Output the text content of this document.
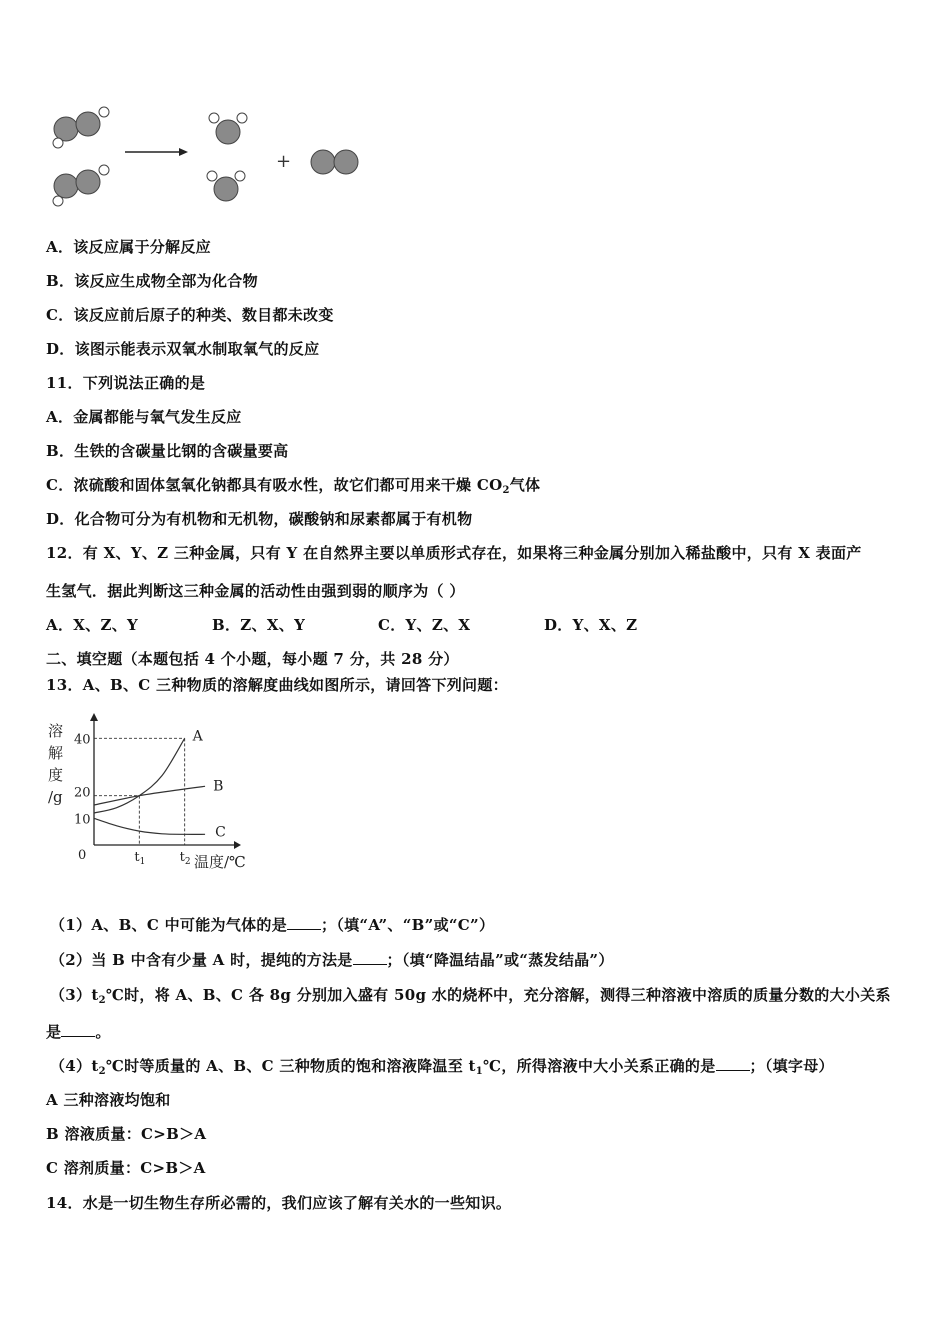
+
A．该反应属于分解反应
B．该反应生成物全部为化合物
C．该反应前后原子的种类、数目都未改变
D．该图示能表示双氧水制取氧气的反应
11．下列说法正确的是
A．金属都能与氧气发生反应
B．生铁的含碳量比钢的含碳量要高
C．浓硫酸和固体氢氧化钠都具有吸水性，故它们都可用来干燥 $CO_2$气体
D．化合物可分为有机物和无机物，碳酸钠和尿素都属于有机物
12．有 X、Y、Z 三种金属，只有 Y 在自然界主要以单质形式存在，如果将三种金属分别加入稀盐酸中，只有 X 表面产
生氢气．据此判断这三种金属的活动性由强到弱的顺序为（ ）
A．X、Z、Y	B．Z、X、Y	C．Y、Z、X	D．Y、X、Z
二、填空题（本题包括 4 个小题，每小题 7 分，共 28 分）
13．A、B、C 三种物质的溶解度曲线如图所示，请回答下列问题：
溶
解
度
/g
40
20
10
0	$t_1$	$t_2$ 温度/℃
A
B
C
（1）A、B、C 中可能为气体的是 ；（填“A”、“B”或“C”）
（2）当 B 中含有少量 A 时，提纯的方法是 ；（填“降温结晶”或“蒸发结晶”）
$(3)t_2℃$时，将 A、B、C 各 8g 分别加入盛有 50g 水的烧杯中，充分溶解，测得三种溶液中溶质的质量分数的大小关系
是 。
$(4)t_2℃$时等质量的 A、B、C 三种物质的饱和溶液降温至 $t_1℃$，所得溶液中大小关系正确的是 ；（填字母）
A 三种溶液均饱和
B 溶液质量：C>B＞A
C 溶剂质量：C>B＞A
14．水是一切生物生存所必需的，我们应该了解有关水的一些知识。
